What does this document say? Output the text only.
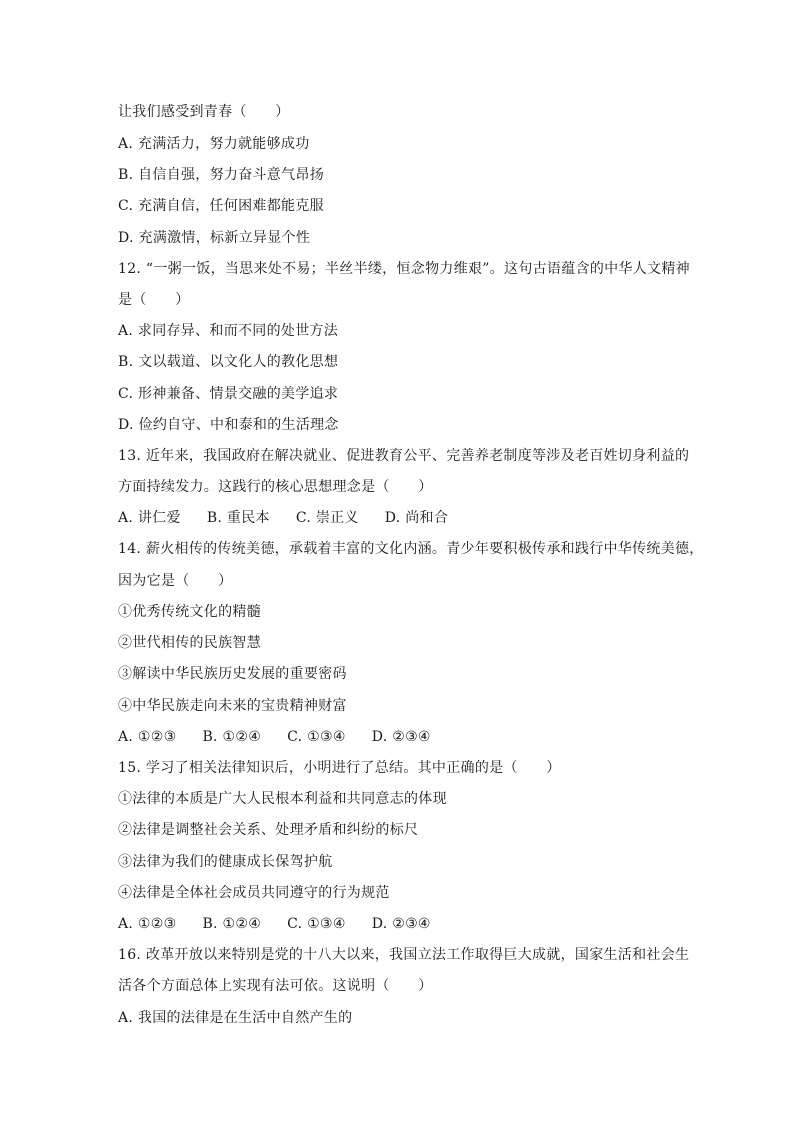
让我们感受到青春（　　）
A. 充满活力，努力就能够成功
B. 自信自强，努力奋斗意气昂扬
C. 充满自信，任何困难都能克服
D. 充满激情，标新立异显个性
12. “一粥一饭，当思来处不易；半丝半缕，恒念物力维艰”。这句古语蕴含的中华人文精神
是（　　）
A. 求同存异、和而不同的处世方法
B. 文以载道、以文化人的教化思想
C. 形神兼备、情景交融的美学追求
D. 俭约自守、中和泰和的生活理念
13. 近年来，我国政府在解决就业、促进教育公平、完善养老制度等涉及老百姓切身利益的
方面持续发力。这践行的核心思想理念是（　　）
A. 讲仁爱 B. 重民本 C. 崇正义 D. 尚和合
14. 薪火相传的传统美德，承载着丰富的文化内涵。青少年要积极传承和践行中华传统美德，
因为它是（　　）
①优秀传统文化的精髓
②世代相传的民族智慧
③解读中华民族历史发展的重要密码
④中华民族走向未来的宝贵精神财富
A. ①②③ B. ①②④ C. ①③④ D. ②③④
15. 学习了相关法律知识后，小明进行了总结。其中正确的是（　　）
①法律的本质是广大人民根本利益和共同意志的体现
②法律是调整社会关系、处理矛盾和纠纷的标尺
③法律为我们的健康成长保驾护航
④法律是全体社会成员共同遵守的行为规范
A. ①②③ B. ①②④ C. ①③④ D. ②③④
16. 改革开放以来特别是党的十八大以来，我国立法工作取得巨大成就，国家生活和社会生
活各个方面总体上实现有法可依。这说明（　　）
A. 我国的法律是在生活中自然产生的
